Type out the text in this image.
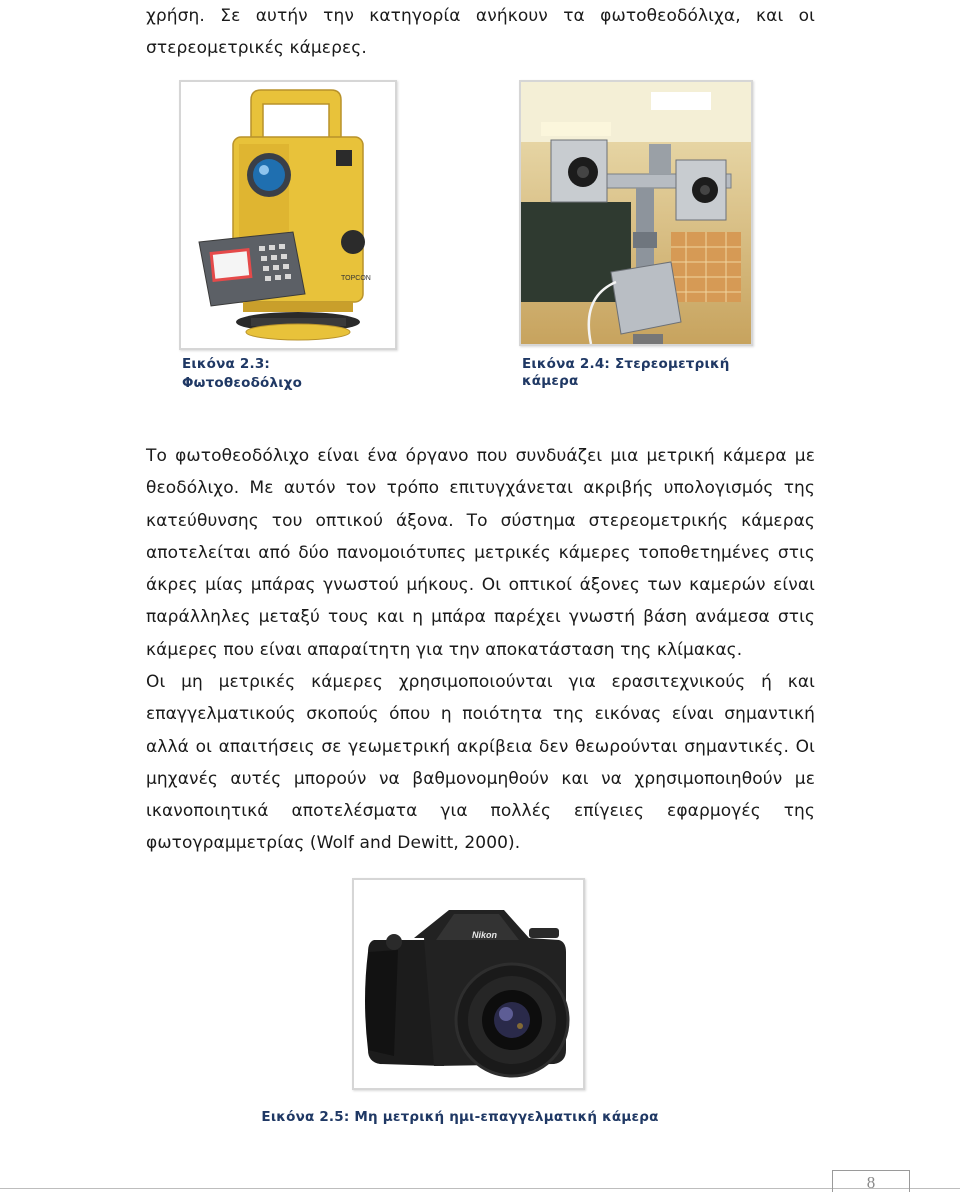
χρήση. Σε αυτήν την κατηγορία ανήκουν τα φωτοθεοδόλιχα, και οι
στερεομετρικές κάμερες.

TOPCON
Εικόνα 2.3:
Φωτοθεοδόλιχο
Εικόνα 2.4: Στερεομετρική κάμερα

Το φωτοθεοδόλιχο είναι ένα όργανο που συνδυάζει μια μετρική κάμερα με
θεοδόλιχο. Με αυτόν τον τρόπο επιτυγχάνεται ακριβής υπολογισμός της
κατεύθυνσης του οπτικού άξονα. Το σύστημα στερεομετρικής κάμερας
αποτελείται από δύο πανομοιότυπες μετρικές κάμερες τοποθετημένες στις
άκρες μίας μπάρας γνωστού μήκους. Οι οπτικοί άξονες των καμερών είναι
παράλληλες μεταξύ τους και η μπάρα παρέχει γνωστή βάση ανάμεσα στις
κάμερες που είναι απαραίτητη για την αποκατάσταση της κλίμακας.

Οι μη μετρικές κάμερες χρησιμοποιούνται για ερασιτεχνικούς ή και
επαγγελματικούς σκοπούς όπου η ποιότητα της εικόνας είναι σημαντική
αλλά οι απαιτήσεις σε γεωμετρική ακρίβεια δεν θεωρούνται σημαντικές. Οι
μηχανές αυτές μπορούν να βαθμονομηθούν και να χρησιμοποιηθούν με
ικανοποιητικά αποτελέσματα για πολλές επίγειες εφαρμογές της
φωτογραμμετρίας (Wolf and Dewitt, 2000).

Nikon
Εικόνα 2.5: Μη μετρική ημι-επαγγελματική κάμερα
8
